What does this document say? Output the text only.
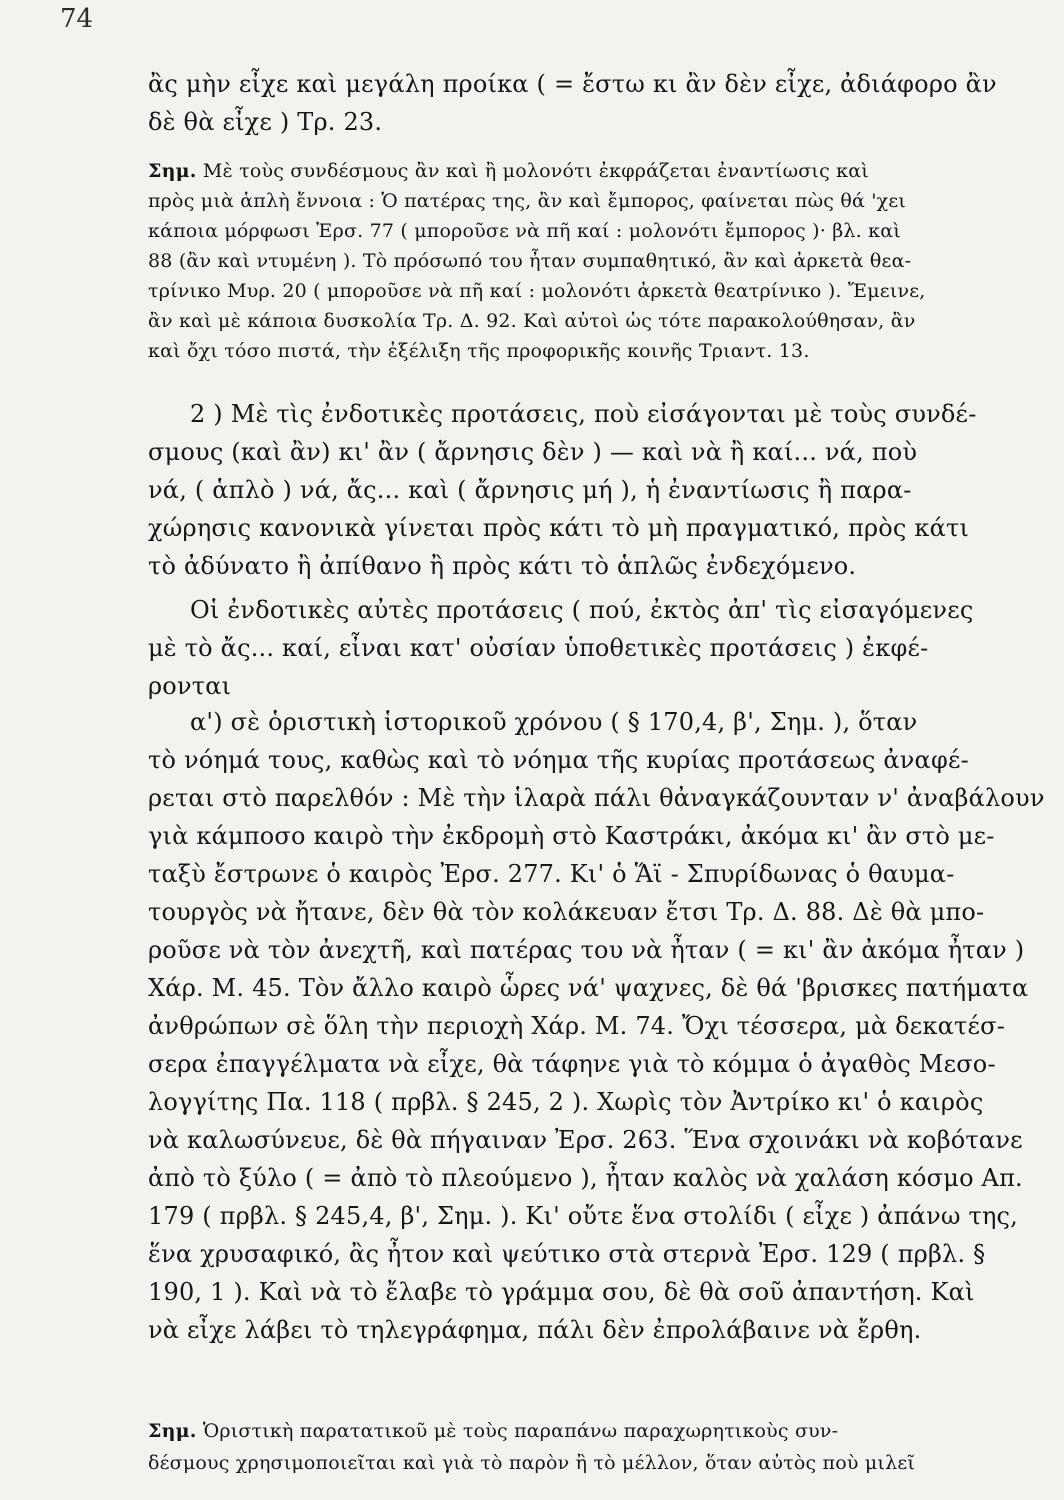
74
ἂς μὴν εἶχε καὶ μεγάλη προίκα ( = ἔστω κι ἂν δὲν εἶχε, ἀδιάφορο ἂν
δὲ θὰ εἶχε ) Τρ. 23.
Σημ. Μὲ τοὺς συνδέσμους ἂν καὶ ἢ μολονότι ἐκφράζεται ἐναντίωσις καὶ
πρὸς μιὰ ἁπλὴ ἔννοια : Ὁ πατέρας της, ἂν καὶ ἔμπορος, φαίνεται πὼς θά 'χει
κάποια μόρφωσι Ἐρσ. 77 ( μποροῦσε νὰ πῆ καί : μολονότι ἔμπορος )· βλ. καὶ
88 (ἂν καὶ ντυμένη ). Τὸ πρόσωπό του ἦταν συμπαθητικό, ἂν καὶ ἀρκετὰ θεα-
τρίνικο Μυρ. 20 ( μποροῦσε νὰ πῆ καί : μολονότι ἀρκετὰ θεατρίνικο ). Ἔμεινε,
ἂν καὶ μὲ κάποια δυσκολία Τρ. Δ. 92. Καὶ αὐτοὶ ὡς τότε παρακολούθησαν, ἂν
καὶ ὄχι τόσο πιστά, τὴν ἐξέλιξη τῆς προφορικῆς κοινῆς Τριαντ. 13.
2 ) Μὲ τὶς ἐνδοτικὲς προτάσεις, ποὺ εἰσάγονται μὲ τοὺς συνδέ-
σμους (καὶ ἂν) κι' ἂν ( ἄρνησις δὲν ) — καὶ νὰ ἢ καί... νά, ποὺ
νά, ( ἁπλὸ ) νά, ἄς... καὶ ( ἄρνησις μή ), ἡ ἐναντίωσις ἢ παρα-
χώρησις κανονικὰ γίνεται πρὸς κάτι τὸ μὴ πραγματικό, πρὸς κάτι
τὸ ἀδύνατο ἢ ἀπίθανο ἢ πρὸς κάτι τὸ ἁπλῶς ἐνδεχόμενο.
Οἱ ἐνδοτικὲς αὐτὲς προτάσεις ( πού, ἐκτὸς ἀπ' τὶς εἰσαγόμενες
μὲ τὸ ἄς... καί, εἶναι κατ' οὐσίαν ὑποθετικὲς προτάσεις ) ἐκφέ-
ρονται
α') σὲ ὁριστικὴ ἱστορικοῦ χρόνου ( § 170,4, β', Σημ. ), ὅταν
τὸ νόημά τους, καθὼς καὶ τὸ νόημα τῆς κυρίας προτάσεως ἀναφέ-
ρεται στὸ παρελθόν : Μὲ τὴν ἱλαρὰ πάλι θἀναγκάζουνταν ν' ἀναβάλουν
γιὰ κάμποσο καιρὸ τὴν ἐκδρομὴ στὸ Καστράκι, ἀκόμα κι' ἂν στὸ με-
ταξὺ ἔστρωνε ὁ καιρὸς Ἐρσ. 277. Κι' ὁ Ἅϊ - Σπυρίδωνας ὁ θαυμα-
τουργὸς νὰ ἤτανε, δὲν θὰ τὸν κολάκευαν ἔτσι Τρ. Δ. 88. Δὲ θὰ μπο-
ροῦσε νὰ τὸν ἀνεχτῆ, καὶ πατέρας του νὰ ἦταν ( = κι' ἂν ἀκόμα ἦταν )
Χάρ. Μ. 45. Τὸν ἄλλο καιρὸ ὧρες νά' ψαχνες, δὲ θά 'βρισκες πατήματα
ἀνθρώπων σὲ ὅλη τὴν περιοχὴ Χάρ. Μ. 74. Ὄχι τέσσερα, μὰ δεκατέσ-
σερα ἐπαγγέλματα νὰ εἶχε, θὰ τάφηνε γιὰ τὸ κόμμα ὁ ἀγαθὸς Μεσο-
λογγίτης Πα. 118 ( πρβλ. § 245, 2 ). Χωρὶς τὸν Ἀντρίκο κι' ὁ καιρὸς
νὰ καλωσύνευε, δὲ θὰ πήγαιναν Ἐρσ. 263. Ἕνα σχοινάκι νὰ κοβότανε
ἀπὸ τὸ ξύλο ( = ἀπὸ τὸ πλεούμενο ), ἦταν καλὸς νὰ χαλάση κόσμο Απ.
179 ( πρβλ. § 245,4, β', Σημ. ). Κι' οὔτε ἕνα στολίδι ( εἶχε ) ἀπάνω της,
ἕνα χρυσαφικό, ἂς ἦτον καὶ ψεύτικο στὰ στερνὰ Ἐρσ. 129 ( πρβλ. §
190, 1 ). Καὶ νὰ τὸ ἔλαβε τὸ γράμμα σου, δὲ θὰ σοῦ ἀπαντήση. Καὶ
νὰ εἶχε λάβει τὸ τηλεγράφημα, πάλι δὲν ἐπρολάβαινε νὰ ἔρθη.
Σημ. Ὁριστικὴ παρατατικοῦ μὲ τοὺς παραπάνω παραχωρητικοὺς συν-
δέσμους χρησιμοποιεῖται καὶ γιὰ τὸ παρὸν ἢ τὸ μέλλον, ὅταν αὐτὸς ποὺ μιλεῖ
